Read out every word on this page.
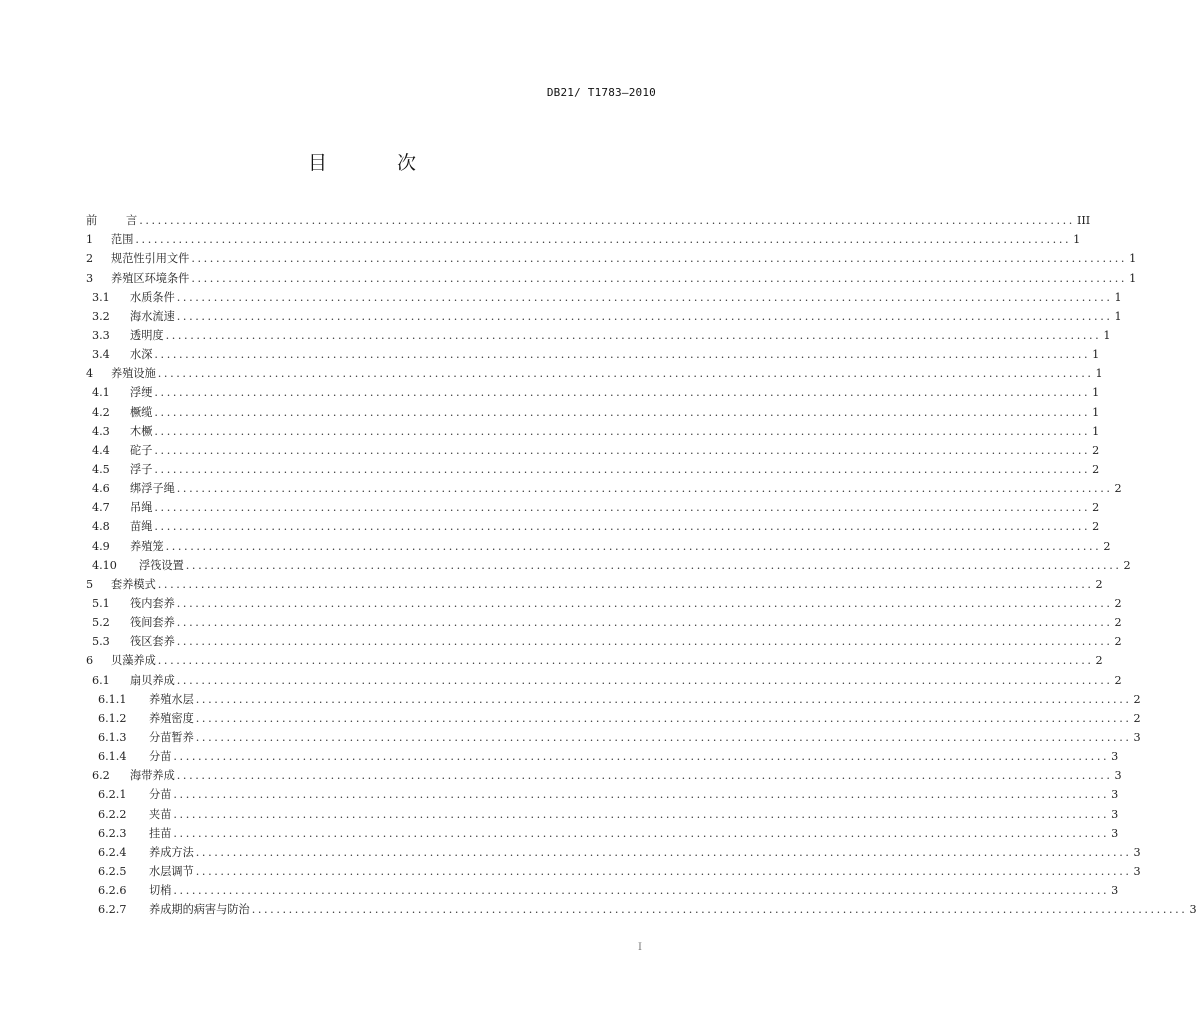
DB21/ T1783—2010
目 次
前	言 ........................................................................................................................................................ III
1	范围 ........................................................................................................................................................ 1
2	规范性引用文件 ........................................................................................................................................................ 1
3	养殖区环境条件 ........................................................................................................................................................ 1
3.1	水质条件 ........................................................................................................................................................ 1
3.2	海水流速 ........................................................................................................................................................ 1
3.3	透明度 ........................................................................................................................................................ 1
3.4	水深 ........................................................................................................................................................ 1
4	养殖设施 ........................................................................................................................................................ 1
4.1	浮绠 ........................................................................................................................................................ 1
4.2	橛缆 ........................................................................................................................................................ 1
4.3	木橛 ........................................................................................................................................................ 1
4.4	砣子 ........................................................................................................................................................ 2
4.5	浮子 ........................................................................................................................................................ 2
4.6	绑浮子绳 ........................................................................................................................................................ 2
4.7	吊绳 ........................................................................................................................................................ 2
4.8	苗绳 ........................................................................................................................................................ 2
4.9	养殖笼 ........................................................................................................................................................ 2
4.10	浮筏设置 ........................................................................................................................................................ 2
5	套养模式 ........................................................................................................................................................ 2
5.1	筏内套养 ........................................................................................................................................................ 2
5.2	筏间套养 ........................................................................................................................................................ 2
5.3	筏区套养 ........................................................................................................................................................ 2
6	贝藻养成 ........................................................................................................................................................ 2
6.1	扇贝养成 ........................................................................................................................................................ 2
6.1.1	养殖水层 ........................................................................................................................................................ 2
6.1.2	养殖密度 ........................................................................................................................................................ 2
6.1.3	分苗暂养 ........................................................................................................................................................ 3
6.1.4	分苗 ........................................................................................................................................................ 3
6.2	海带养成 ........................................................................................................................................................ 3
6.2.1	分苗 ........................................................................................................................................................ 3
6.2.2	夹苗 ........................................................................................................................................................ 3
6.2.3	挂苗 ........................................................................................................................................................ 3
6.2.4	养成方法 ........................................................................................................................................................ 3
6.2.5	水层调节 ........................................................................................................................................................ 3
6.2.6	切梢 ........................................................................................................................................................ 3
6.2.7	养成期的病害与防治 ........................................................................................................................................................ 3
I
